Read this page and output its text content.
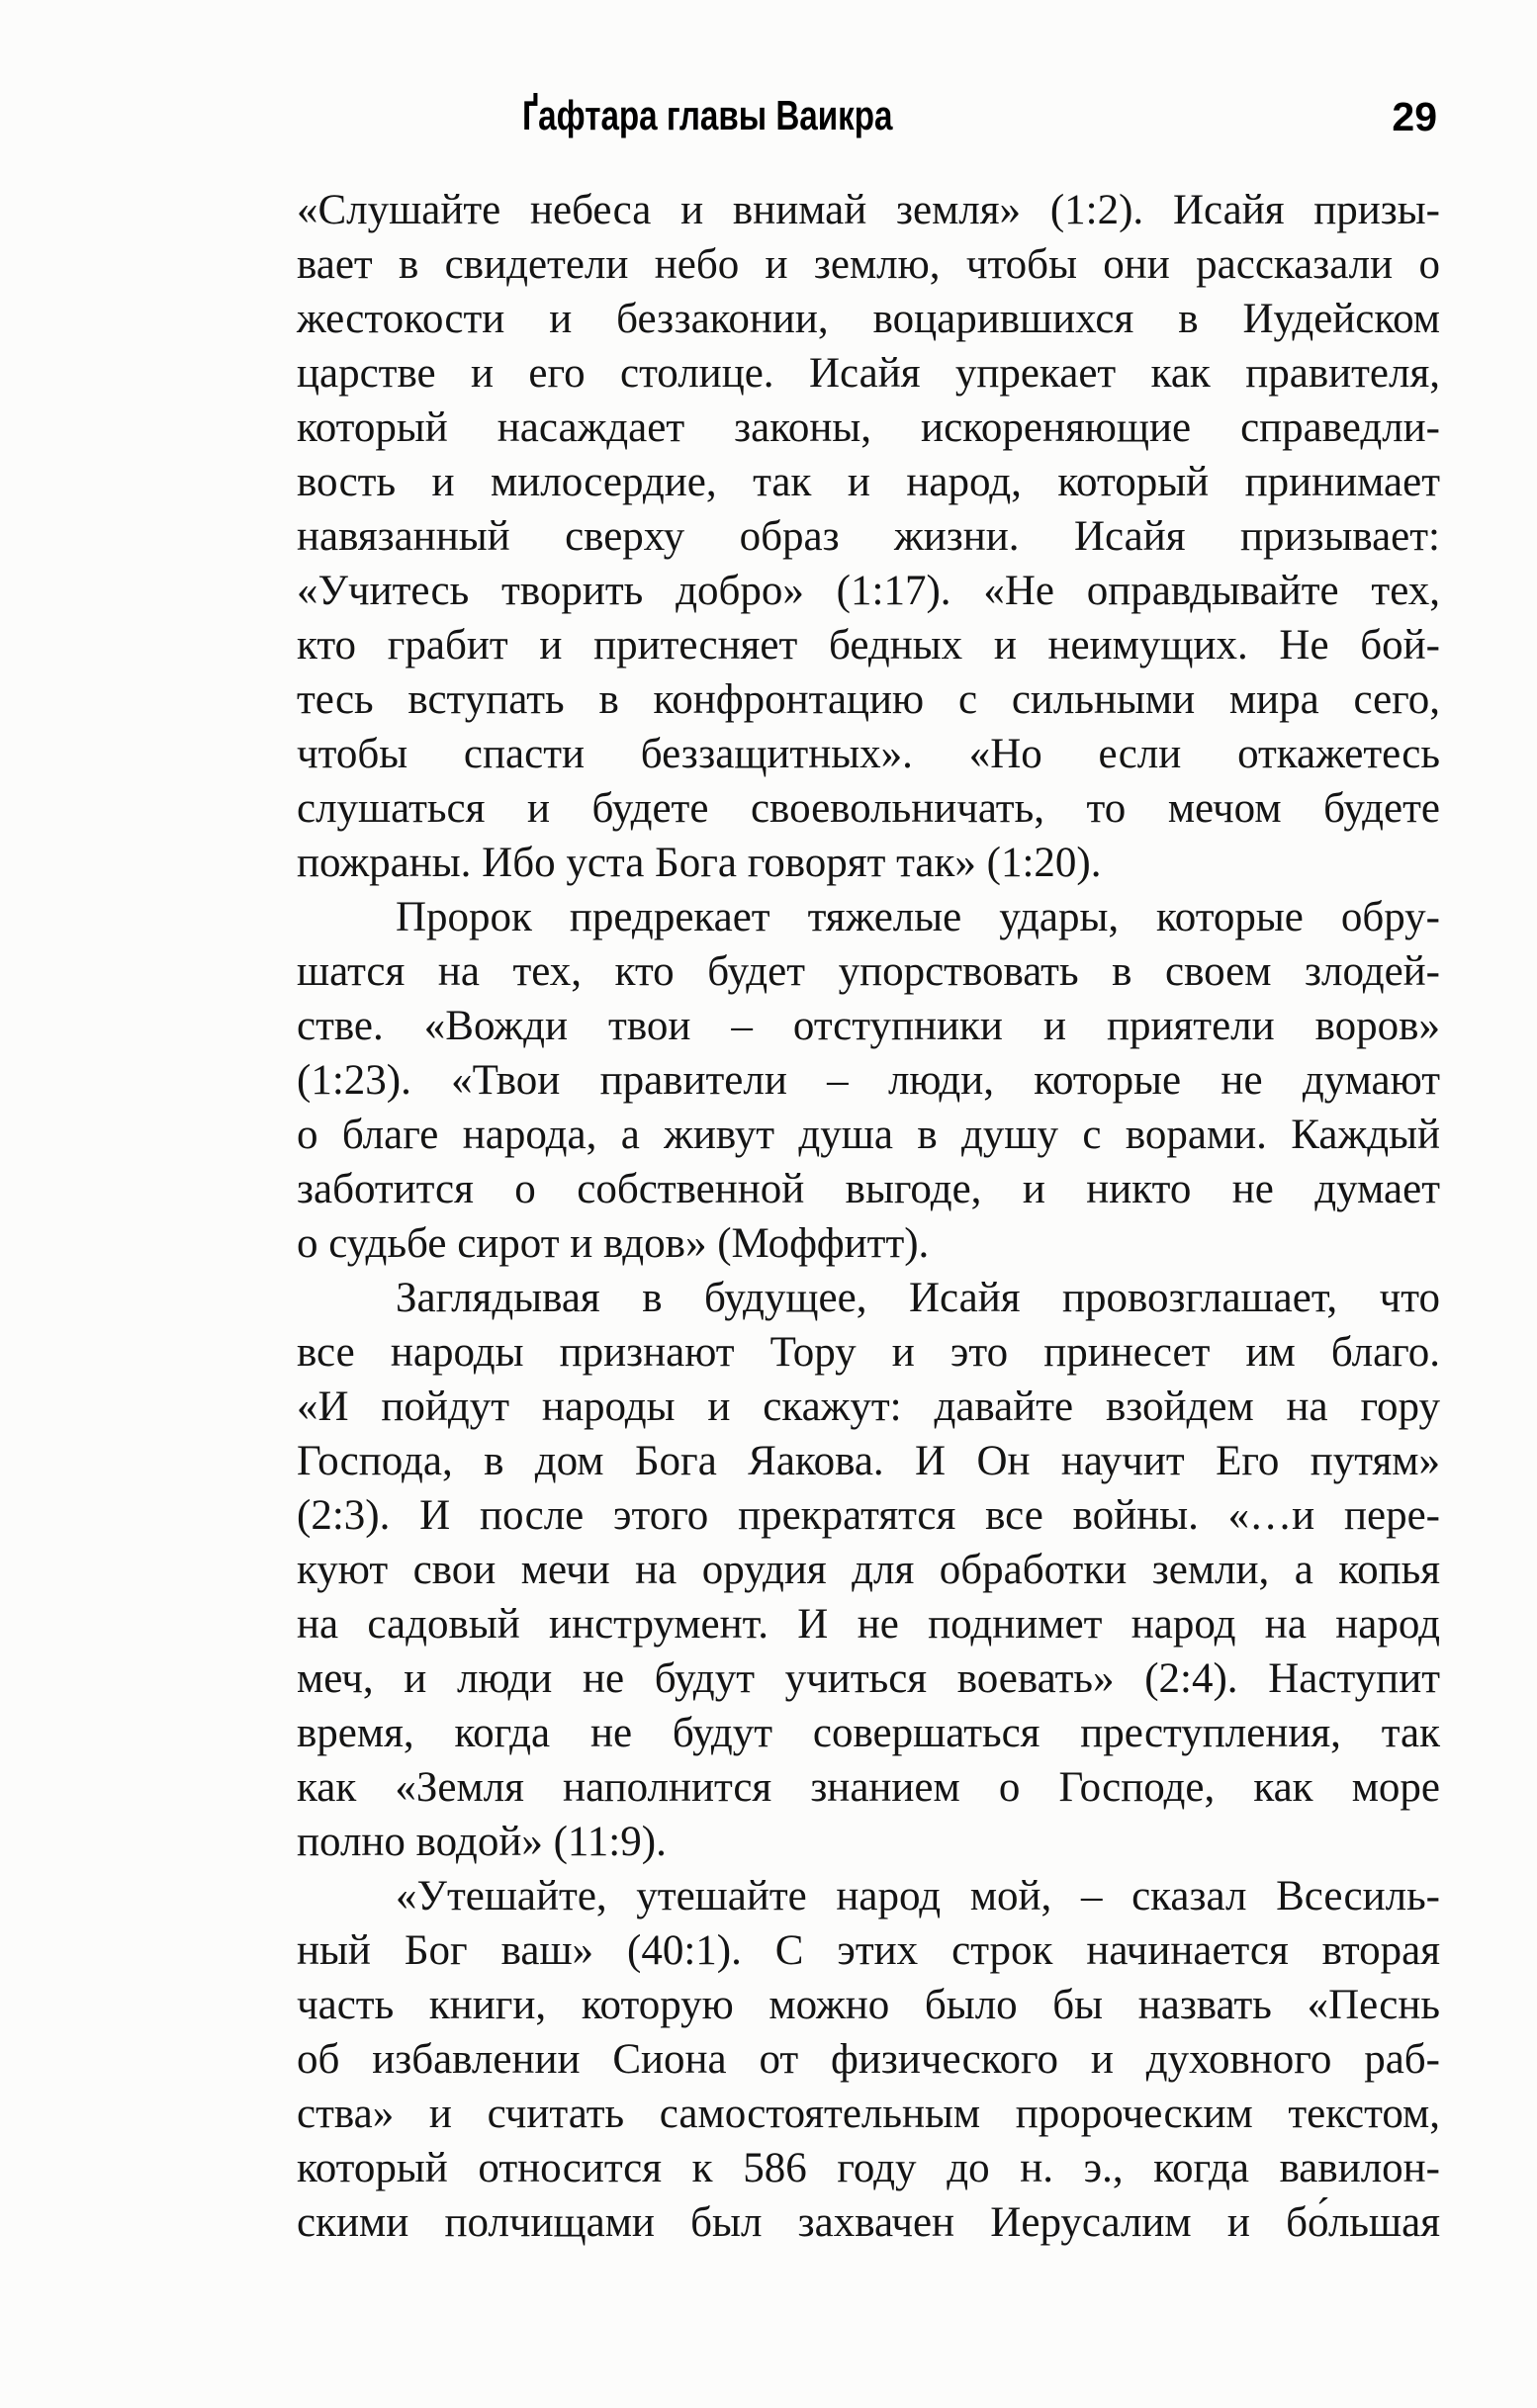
Ґафтара главы Ваикра	29
«Слушайте небеса и внимай земля» (1:2). Исайя призы-
вает в свидетели небо и землю, чтобы они рассказали о
жестокости и беззаконии, воцарившихся в Иудейском
царстве и его столице. Исайя упрекает как правителя,
который насаждает законы, искореняющие справедли-
вость и милосердие, так и народ, который принимает
навязанный сверху образ жизни. Исайя призывает:
«Учитесь творить добро» (1:17). «Не оправдывайте тех,
кто грабит и притесняет бедных и неимущих. Не бой-
тесь вступать в конфронтацию с сильными мира сего,
чтобы спасти беззащитных». «Но если откажетесь
слушаться и будете своевольничать, то мечом будете
пожраны. Ибо уста Бога говорят так» (1:20).
Пророк предрекает тяжелые удары, которые обру-
шатся на тех, кто будет упорствовать в своем злодей-
стве. «Вожди твои – отступники и приятели воров»
(1:23). «Твои правители – люди, которые не думают
о благе народа, а живут душа в душу с ворами. Каждый
заботится о собственной выгоде, и никто не думает
о судьбе сирот и вдов» (Моффитт).
Заглядывая в будущее, Исайя провозглашает, что
все народы признают Тору и это принесет им благо.
«И пойдут народы и скажут: давайте взойдем на гору
Господа, в дом Бога Яакова. И Он научит Его путям»
(2:3). И после этого прекратятся все войны. «…и пере-
куют свои мечи на орудия для обработки земли, а копья
на садовый инструмент. И не поднимет народ на народ
меч, и люди не будут учиться воевать» (2:4). Наступит
время, когда не будут совершаться преступления, так
как «Земля наполнится знанием о Господе, как море
полно водой» (11:9).
«Утешайте, утешайте народ мой, – сказал Всесиль-
ный Бог ваш» (40:1). С этих строк начинается вторая
часть книги, которую можно было бы назвать «Песнь
об избавлении Сиона от физического и духовного раб-
ства» и считать самостоятельным пророческим текстом,
который относится к 586 году до н. э., когда вавилон-
скими полчищами был захвачен Иерусалим и бо́льшая
